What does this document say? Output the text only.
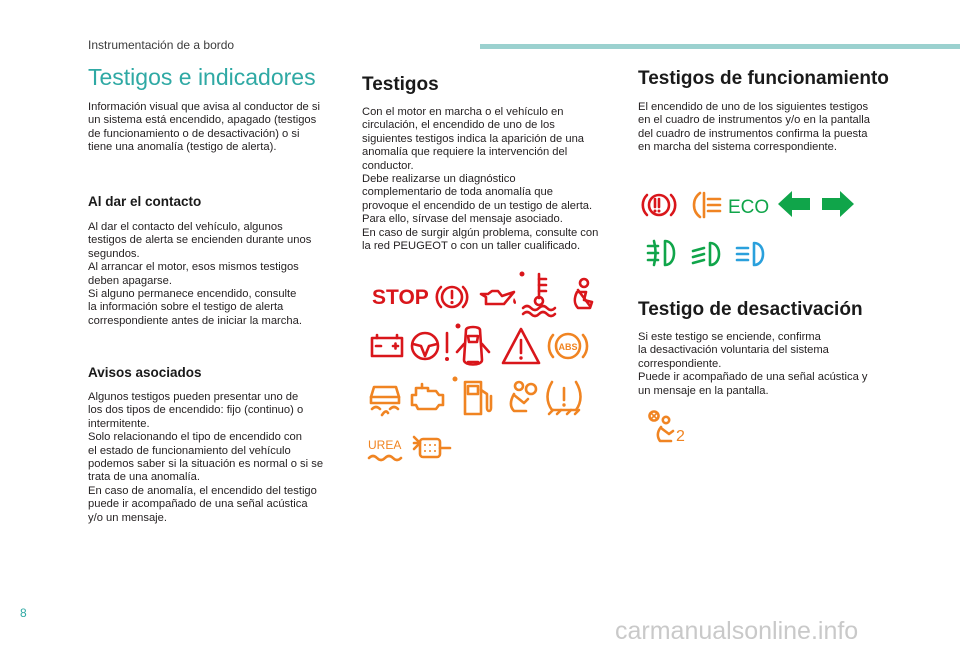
Instrumentación de a bordo
Testigos e indicadores

Información visual que avisa al conductor de si
un sistema está encendido, apagado (testigos
de funcionamiento o de desactivación) o si
tiene una anomalía (testigo de alerta).

Al dar el contacto

Al dar el contacto del vehículo, algunos
testigos de alerta se encienden durante unos
segundos.
Al arrancar el motor, esos mismos testigos
deben apagarse.
Si alguno permanece encendido, consulte
la información sobre el testigo de alerta
correspondiente antes de iniciar la marcha.

Avisos asociados

Algunos testigos pueden presentar uno de
los dos tipos de encendido: fijo (continuo) o
intermitente.
Solo relacionando el tipo de encendido con
el estado de funcionamiento del vehículo
podemos saber si la situación es normal o si se
trata de una anomalía.
En caso de anomalía, el encendido del testigo
puede ir acompañado de una señal acústica
y/o un mensaje.

Testigos

Con el motor en marcha o el vehículo en
circulación, el encendido de uno de los
siguientes testigos indica la aparición de una
anomalía que requiere la intervención del
conductor.
Debe realizarse un diagnóstico
complementario de toda anomalía que
provoque el encendido de un testigo de alerta.
Para ello, sírvase del mensaje asociado.
En caso de surgir algún problema, consulte con
la red PEUGEOT o con un taller cualificado.

STOP
ABS
UREA
Testigos de funcionamiento

El encendido de uno de los siguientes testigos
en el cuadro de instrumentos y/o en la pantalla
del cuadro de instrumentos confirma la puesta
en marcha del sistema correspondiente.

ECO
Testigo de desactivación

Si este testigo se enciende, confirma
la desactivación voluntaria del sistema
correspondiente.
Puede ir acompañado de una señal acústica y
un mensaje en la pantalla.

2
8
carmanualsonline.info
